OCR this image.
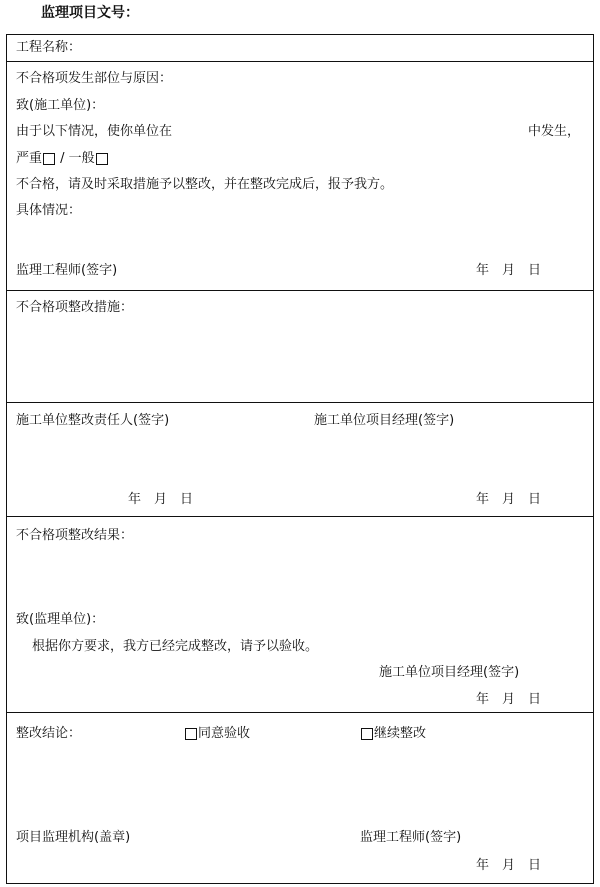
监理项目文号：
工程名称：
不合格项发生部位与原因：
致(施工单位)：
由于以下情况，使你单位在	中发生，
严重 / 一般
不合格，请及时采取措施予以整改，并在整改完成后，报予我方。
具体情况：
监理工程师(签字)	年　月　日
不合格项整改措施：
施工单位整改责任人(签字)	施工单位项目经理(签字)
年　月　日	年　月　日
不合格项整改结果：
致(监理单位)：
根据你方要求，我方已经完成整改，请予以验收。
施工单位项目经理(签字)
年　月　日
整改结论：	同意验收	继续整改
项目监理机构(盖章)	监理工程师(签字)
年　月　日
